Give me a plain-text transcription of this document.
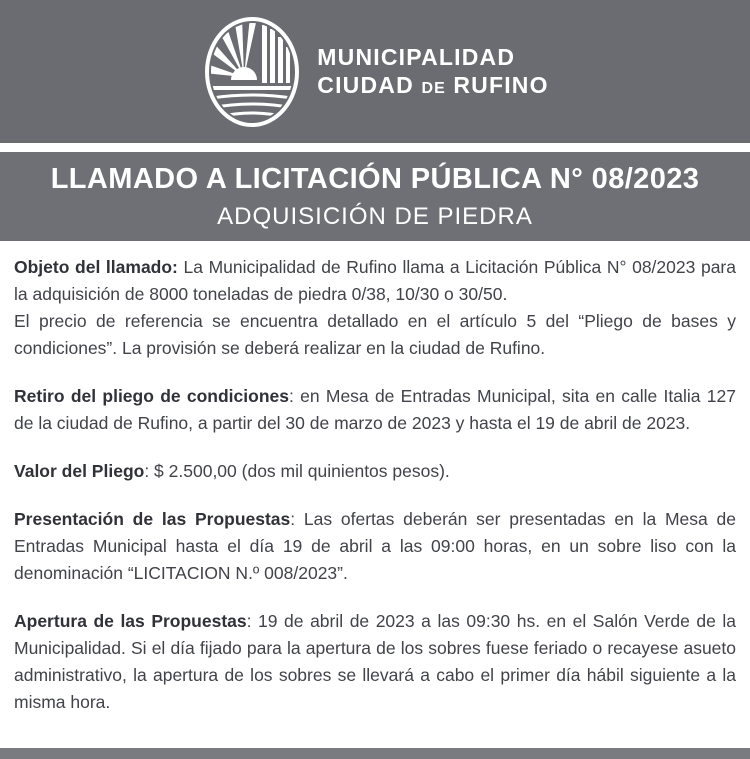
MUNICIPALIDAD
CIUDAD DE RUFINO
LLAMADO A LICITACIÓN PÚBLICA N° 08/2023
ADQUISICIÓN DE PIEDRA

Objeto del llamado: La Municipalidad de Rufino llama a Licitación Pública N° 08/2023 para la adquisición de 8000 toneladas de piedra 0/38, 10/30 o 30/50.
El precio de referencia se encuentra detallado en el artículo 5 del “Pliego de bases y condiciones”. La provisión se deberá realizar en la ciudad de Rufino.

Retiro del pliego de condiciones: en Mesa de Entradas Municipal, sita en calle Italia 127 de la ciudad de Rufino, a partir del 30 de marzo de 2023 y hasta el 19 de abril de 2023.

Valor del Pliego: $ 2.500,00 (dos mil quinientos pesos).

Presentación de las Propuestas: Las ofertas deberán ser presentadas en la Mesa de Entradas Municipal hasta el día 19 de abril a las 09:00 horas, en un sobre liso con la denominación “LICITACION N.º 008/2023”.

Apertura de las Propuestas: 19 de abril de 2023 a las 09:30 hs. en el Salón Verde de la Municipalidad. Si el día fijado para la apertura de los sobres fuese feriado o recayese asueto administrativo, la apertura de los sobres se llevará a cabo el primer día hábil siguiente a la misma hora.
